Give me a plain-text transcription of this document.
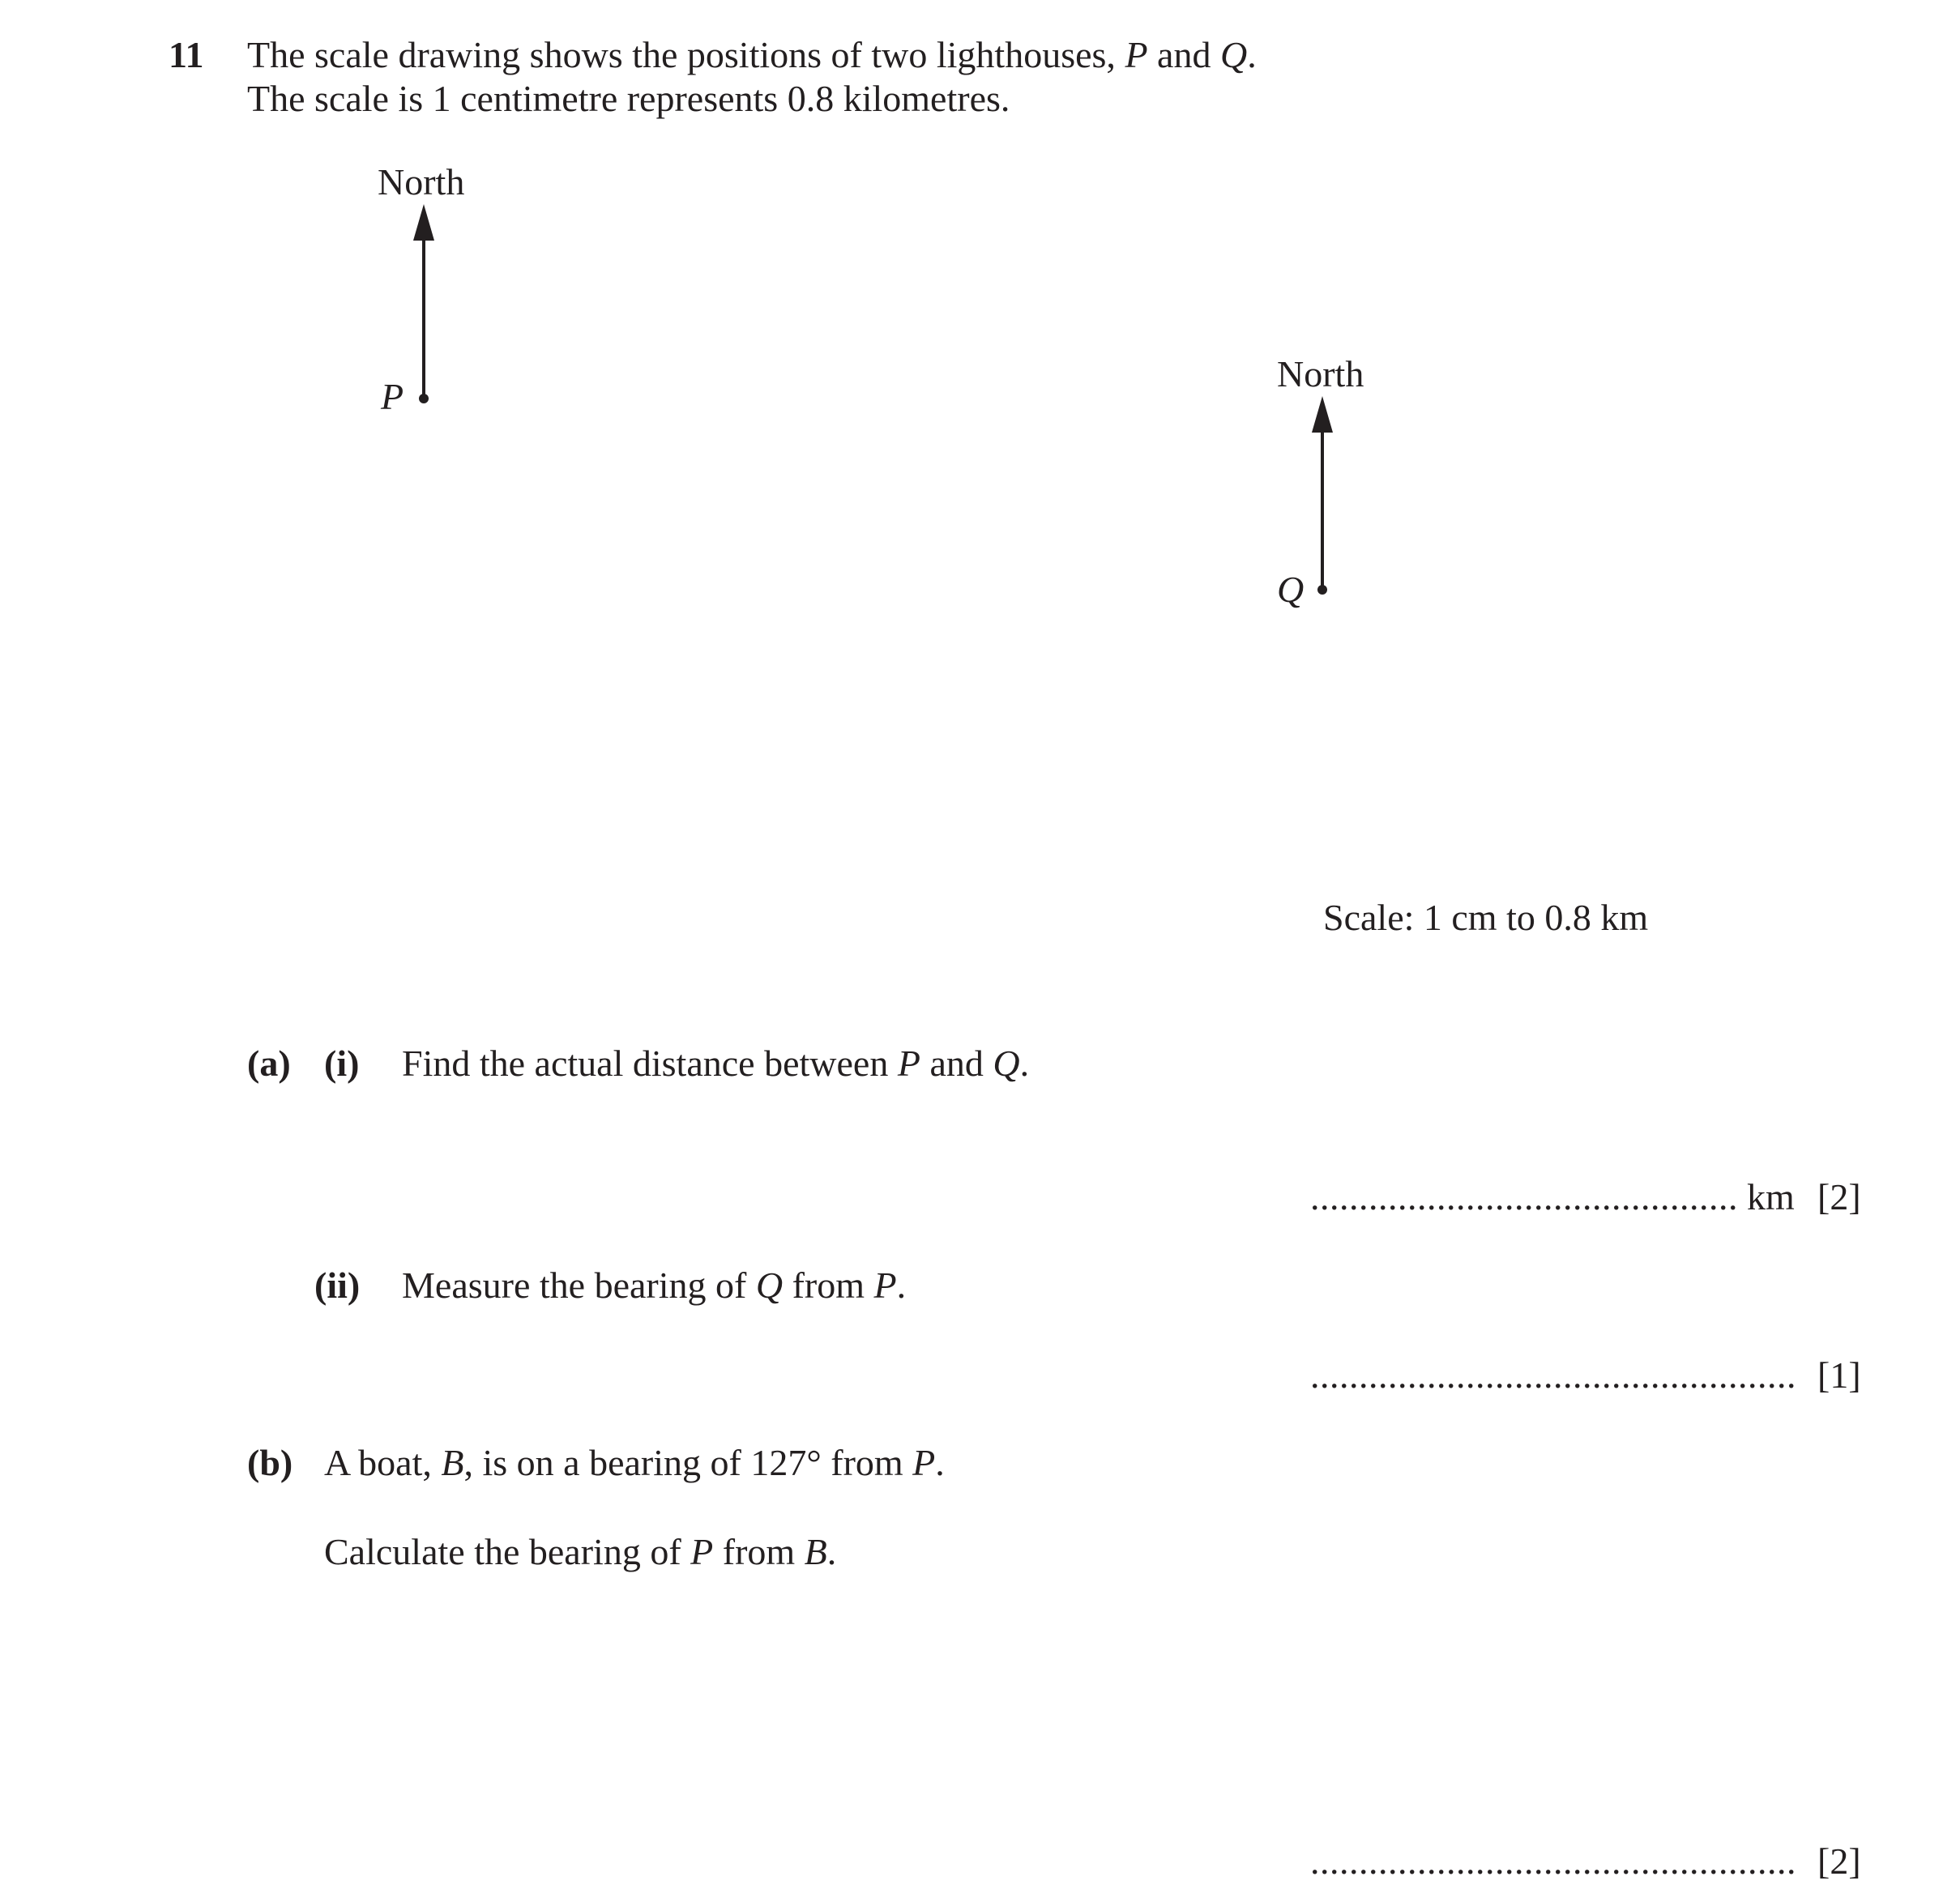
11 The scale drawing shows the positions of two lighthouses, P and Q.
The scale is 1 centimetre represents 0.8 kilometres.
North
P
North
Q
Scale: 1 cm to 0.8 km
(a) (i) Find the actual distance between P and Q.
............................................ km [2]
(ii) Measure the bearing of Q from P.
.................................................. [1]
(b) A boat, B, is on a bearing of 127° from P.
Calculate the bearing of P from B.
.................................................. [2]
